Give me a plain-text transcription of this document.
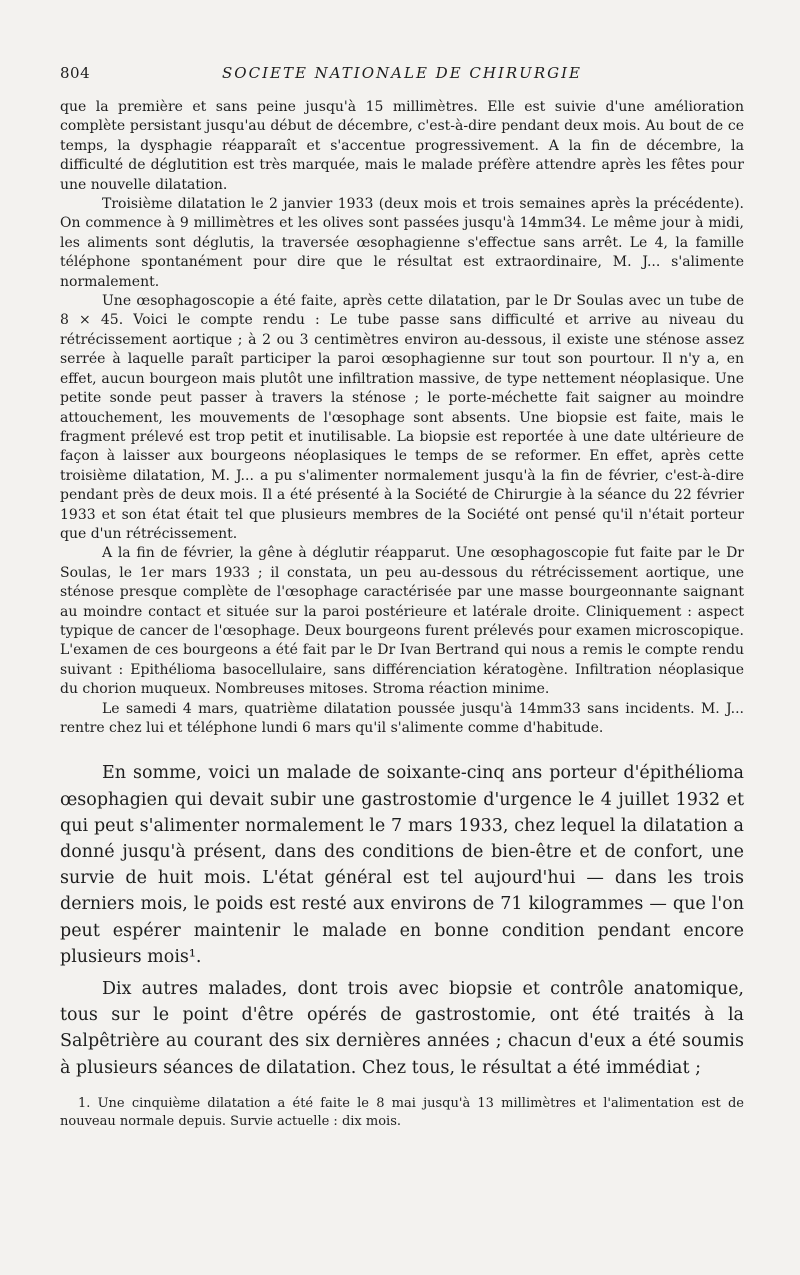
804	SOCIETE NATIONALE DE CHIRURGIE

que la première et sans peine jusqu'à 15 millimètres. Elle est suivie d'une amélioration complète persistant jusqu'au début de décembre, c'est-à-dire pendant deux mois. Au bout de ce temps, la dysphagie réapparaît et s'accentue progressivement. A la fin de décembre, la difficulté de déglutition est très marquée, mais le malade préfère attendre après les fêtes pour une nouvelle dilatation.

Troisième dilatation le 2 janvier 1933 (deux mois et trois semaines après la précédente). On commence à 9 millimètres et les olives sont passées jusqu'à 14mm34. Le même jour à midi, les aliments sont déglutis, la traversée œsophagienne s'effectue sans arrêt. Le 4, la famille téléphone spontanément pour dire que le résultat est extraordinaire, M. J... s'alimente normalement.

Une œsophagoscopie a été faite, après cette dilatation, par le Dr Soulas avec un tube de 8 × 45. Voici le compte rendu : Le tube passe sans difficulté et arrive au niveau du rétrécissement aortique ; à 2 ou 3 centimètres environ au-dessous, il existe une sténose assez serrée à laquelle paraît participer la paroi œsophagienne sur tout son pourtour. Il n'y a, en effet, aucun bourgeon mais plutôt une infiltration massive, de type nettement néoplasique. Une petite sonde peut passer à travers la sténose ; le porte-méchette fait saigner au moindre attouchement, les mouvements de l'œsophage sont absents. Une biopsie est faite, mais le fragment prélevé est trop petit et inutilisable. La biopsie est reportée à une date ultérieure de façon à laisser aux bourgeons néoplasiques le temps de se reformer. En effet, après cette troisième dilatation, M. J... a pu s'alimenter normalement jusqu'à la fin de février, c'est-à-dire pendant près de deux mois. Il a été présenté à la Société de Chirurgie à la séance du 22 février 1933 et son état était tel que plusieurs membres de la Société ont pensé qu'il n'était porteur que d'un rétrécissement.

A la fin de février, la gêne à déglutir réapparut. Une œsophagoscopie fut faite par le Dr Soulas, le 1er mars 1933 ; il constata, un peu au-dessous du rétrécissement aortique, une sténose presque complète de l'œsophage caractérisée par une masse bourgeonnante saignant au moindre contact et située sur la paroi postérieure et latérale droite. Cliniquement : aspect typique de cancer de l'œsophage. Deux bourgeons furent prélevés pour examen microscopique. L'examen de ces bourgeons a été fait par le Dr Ivan Bertrand qui nous a remis le compte rendu suivant : Epithélioma basocellulaire, sans différenciation kératogène. Infiltration néoplasique du chorion muqueux. Nombreuses mitoses. Stroma réaction minime.

Le samedi 4 mars, quatrième dilatation poussée jusqu'à 14mm33 sans incidents. M. J... rentre chez lui et téléphone lundi 6 mars qu'il s'alimente comme d'habitude.

En somme, voici un malade de soixante-cinq ans porteur d'épithélioma œsophagien qui devait subir une gastrostomie d'urgence le 4 juillet 1932 et qui peut s'alimenter normalement le 7 mars 1933, chez lequel la dilatation a donné jusqu'à présent, dans des conditions de bien-être et de confort, une survie de huit mois. L'état général est tel aujourd'hui — dans les trois derniers mois, le poids est resté aux environs de 71 kilogrammes — que l'on peut espérer maintenir le malade en bonne condition pendant encore plusieurs mois¹.

Dix autres malades, dont trois avec biopsie et contrôle anatomique, tous sur le point d'être opérés de gastrostomie, ont été traités à la Salpêtrière au courant des six dernières années ; chacun d'eux a été soumis à plusieurs séances de dilatation. Chez tous, le résultat a été immédiat ;

1. Une cinquième dilatation a été faite le 8 mai jusqu'à 13 millimètres et l'alimentation est de nouveau normale depuis. Survie actuelle : dix mois.
